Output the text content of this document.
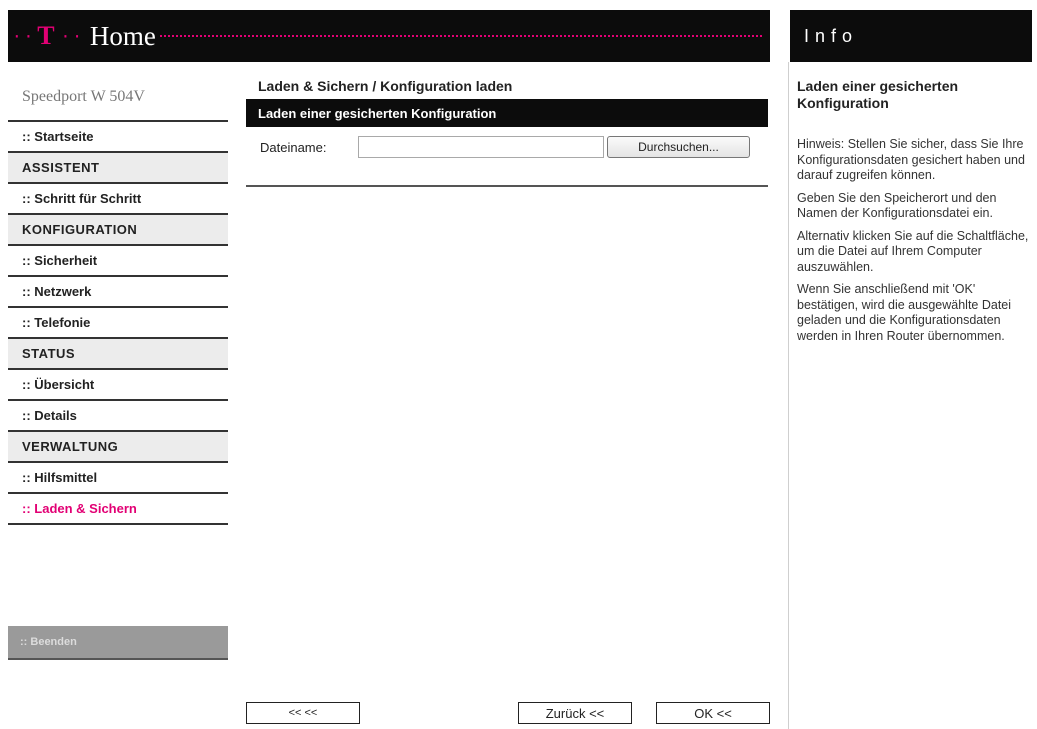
·· T ·· Home	Info
Speedport W 504V
:: Startseite
ASSISTENT
:: Schritt für Schritt
KONFIGURATION
:: Sicherheit
:: Netzwerk
:: Telefonie
STATUS
:: Übersicht
:: Details
VERWALTUNG
:: Hilfsmittel
:: Laden & Sichern
:: Beenden
Laden & Sichern / Konfiguration laden
Laden einer gesicherten Konfiguration
Dateiname:	Durchsuchen...
<< <<	Zurück <<	OK <<
Laden einer gesicherten Konfiguration

Hinweis: Stellen Sie sicher, dass Sie Ihre Konfigurationsdaten gesichert haben und darauf zugreifen können.

Geben Sie den Speicherort und den Namen der Konfigurationsdatei ein.

Alternativ klicken Sie auf die Schaltfläche, um die Datei auf Ihrem Computer auszuwählen.

Wenn Sie anschließend mit 'OK' bestätigen, wird die ausgewählte Datei geladen und die Konfigurationsdaten werden in Ihren Router übernommen.
